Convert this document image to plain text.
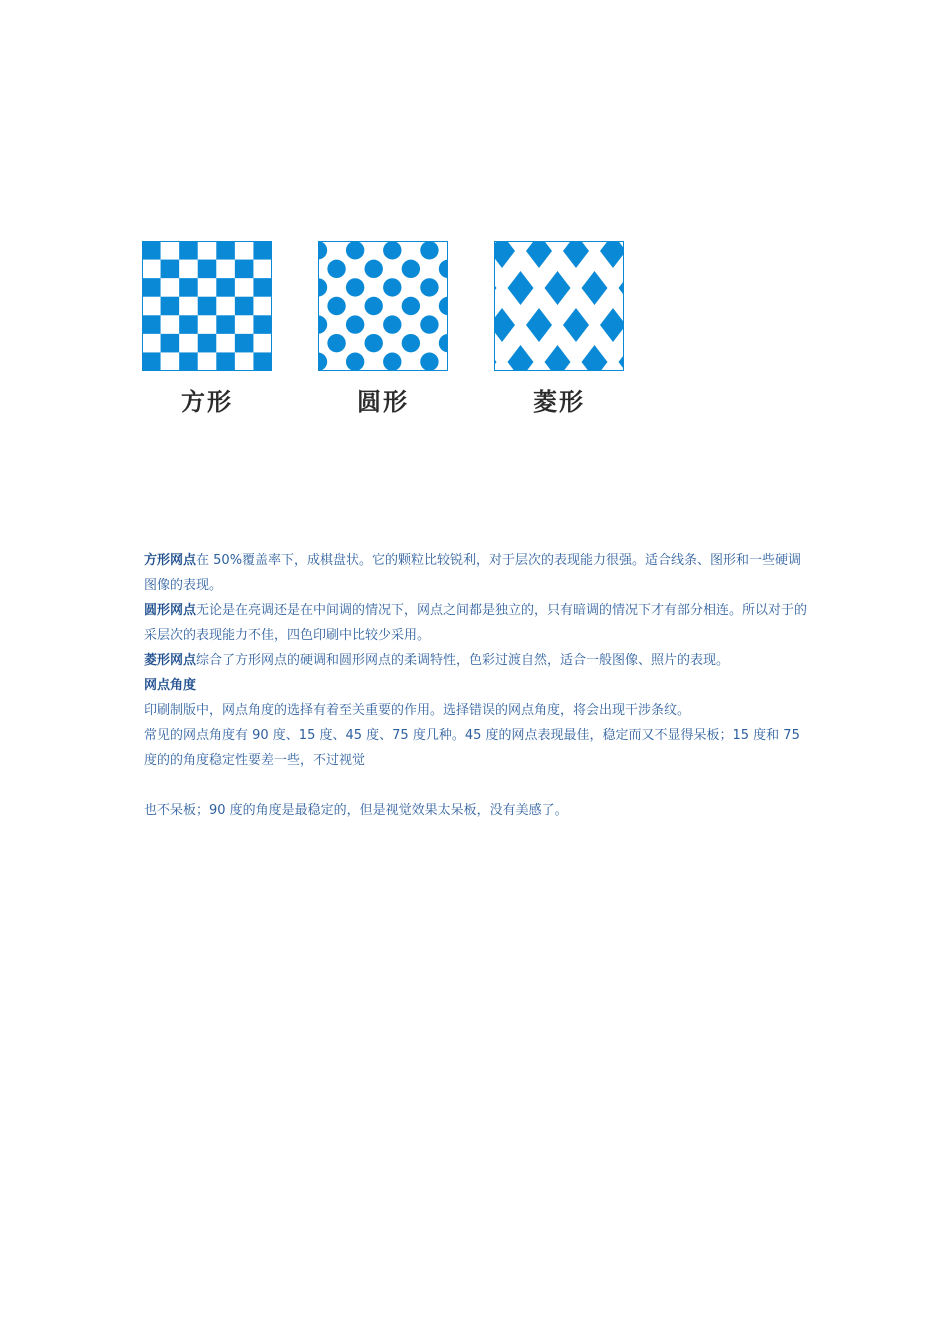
方形	圆形	菱形

方形网点在 50%覆盖率下，成棋盘状。它的颗粒比较锐利，对于层次的表现能力很强。适合线条、图形和一些硬调图像的表现。

圆形网点无论是在亮调还是在中间调的情况下，网点之间都是独立的，只有暗调的情况下才有部分相连。所以对于的采层次的表现能力不佳，四色印刷中比较少采用。

菱形网点综合了方形网点的硬调和圆形网点的柔调特性，色彩过渡自然，适合一般图像、照片的表现。

网点角度

印刷制版中，网点角度的选择有着至关重要的作用。选择错误的网点角度，将会出现干涉条纹。

常见的网点角度有 90 度、15 度、45 度、75 度几种。45 度的网点表现最佳，稳定而又不显得呆板；15 度和 75 度的的角度稳定性要差一些，不过视觉

也不呆板；90 度的角度是最稳定的，但是视觉效果太呆板，没有美感了。
